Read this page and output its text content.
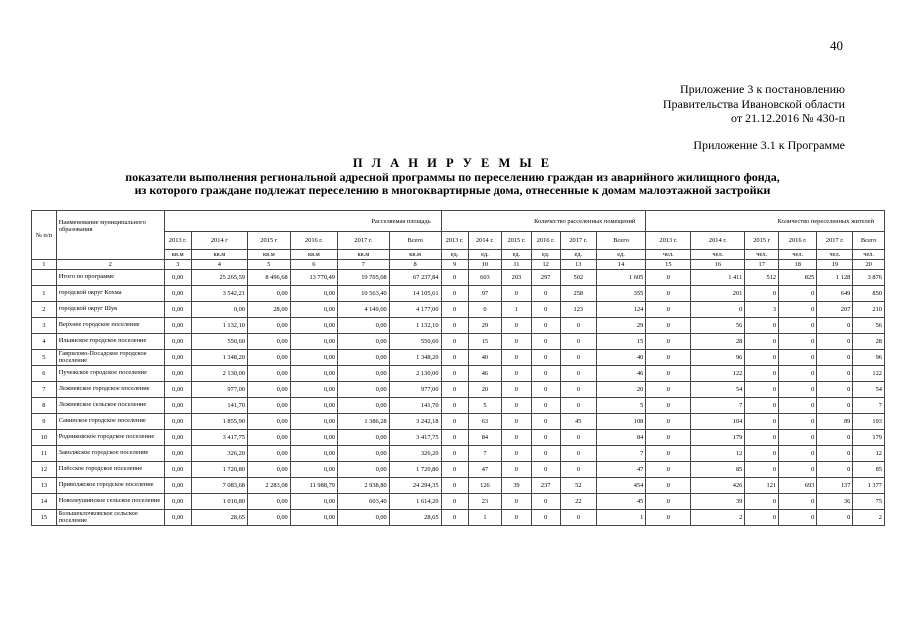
40
Приложение 3 к постановлению
Правительства Ивановской области
от 21.12.2016 № 430-п
Приложение 3.1 к Программе
П Л А Н И Р У Е М Ы Е
показатели выполнения региональной адресной программы по переселению граждан из аварийного жилищного фонда,
из которого граждане подлежат переселению в многоквартирные дома, отнесенные к домам малоэтажной застройки
№ п/п	Наименование муниципального образования	Расселяемая площадь						Количество расселенных помещений						Количество переселенных жителей					
		2013 г.	2014 г	2015 г	2016 г.	2017 г.	Всего	2013 г.	2014 г.	2015 г.	2016 г.	2017 г.	Всего	2013 г.	2014 г.	2015 г	2016 г.	2017 г.	Всего
		кв.м	кв.м	кв.м	кв.м	кв.м	кв.м	ед.	ед.	ед.	ед.	ед.	ед.	чел.	чел.	чел.	чел.	чел.	чел.
1	2	3	4	5	6	7	8	9	10	11	12	13	14	15	16	17	18	19	20
	Итого по программе	0,00	25 265,59	8 496,68	13 770,49	19 705,08	67 237,84	0	603	203	297	502	1 605	0	1 411	512	825	1 128	3 876
1	городской округ Кохма	0,00	3 542,21	0,00	0,00	10 563,40	14 105,61	0	97	0	0	258	355	0	201	0	0	649	850
2	городской округ Шуя	0,00	0,00	28,00	0,00	4 149,00	4 177,00	0	0	1	0	123	124	0	0	3	0	207	210
3	Верхнее городское поселение	0,00	1 132,10	0,00	0,00	0,00	1 132,10	0	29	0	0	0	29	0	56	0	0	0	56
4	Ильинское городское поселение	0,00	550,60	0,00	0,00	0,00	550,60	0	15	0	0	0	15	0	28	0	0	0	28
5	Гаврилово-Посадское городское поселение	0,00	1 348,20	0,00	0,00	0,00	1 348,20	0	40	0	0	0	40	0	96	0	0	0	96
6	Пучежское городское поселение	0,00	2 130,00	0,00	0,00	0,00	2 130,00	0	46	0	0	0	46	0	122	0	0	0	122
7	Лежневское городское поселение	0,00	977,00	0,00	0,00	0,00	977,00	0	20	0	0	0	20	0	54	0	0	0	54
8	Лежневское сельское поселение	0,00	141,70	0,00	0,00	0,00	141,70	0	5	0	0	0	5	0	7	0	0	0	7
9	Савинское городское поселение	0,00	1 855,90	0,00	0,00	1 386,28	3 242,18	0	63	0	0	45	108	0	104	0	0	89	193
10	Родниковское городское поселение	0,00	3 417,75	0,00	0,00	0,00	3 417,75	0	84	0	0	0	84	0	179	0	0	0	179
11	Заволжское городское поселение	0,00	326,20	0,00	0,00	0,00	326,20	0	7	0	0	0	7	0	12	0	0	0	12
12	Плёсское городское поселение	0,00	1 720,80	0,00	0,00	0,00	1 720,80	0	47	0	0	0	47	0	85	0	0	0	85
13	Приволжское городское поселение	0,00	7 083,68	2 283,08	11 988,79	2 938,80	24 294,35	0	126	39	237	52	454	0	426	121	693	137	1 377
14	Новолеушинское сельское поселение	0,00	1 010,80	0,00	0,00	603,40	1 614,20	0	23	0	0	22	45	0	39	0	0	36	75
15	Большеклочковское сельское поселение	0,00	28,65	0,00	0,00	0,00	28,65	0	1	0	0	0	1	0	2	0	0	0	2
